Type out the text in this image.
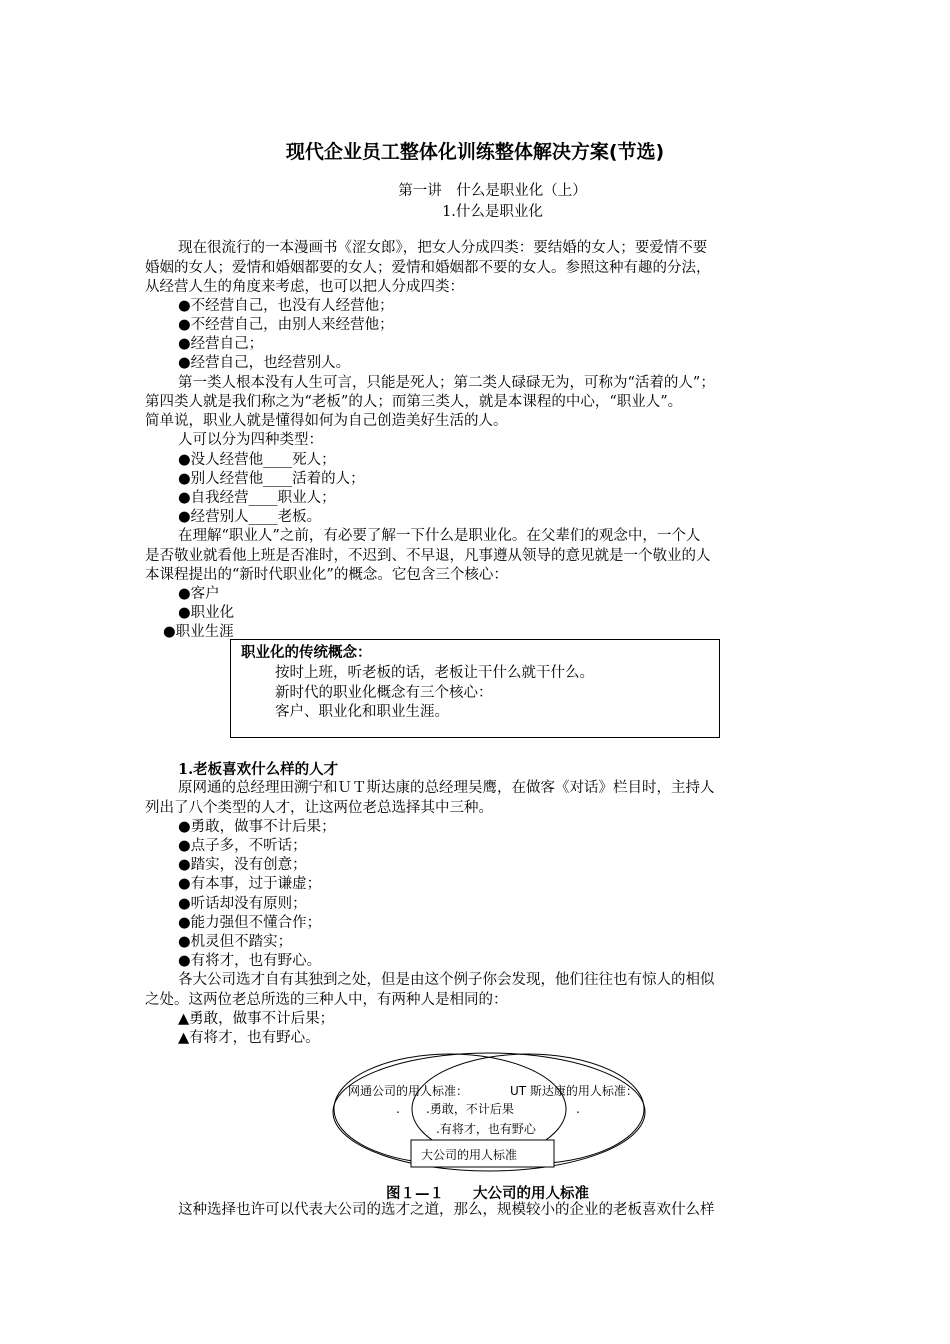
现代企业员工整体化训练整体解决方案(节选)
第一讲　什么是职业化（上）
1.什么是职业化
现在很流行的一本漫画书《涩女郎》，把女人分成四类：要结婚的女人；要爱情不要
婚姻的女人；爱情和婚姻都要的女人；爱情和婚姻都不要的女人。参照这种有趣的分法，
从经营人生的角度来考虑，也可以把人分成四类：
●不经营自己，也没有人经营他；
●不经营自己，由别人来经营他；
●经营自己；
●经营自己，也经营别人。
第一类人根本没有人生可言，只能是死人；第二类人碌碌无为，可称为“活着的人”；
第四类人就是我们称之为“老板”的人；而第三类人，就是本课程的中心，“职业人”。
简单说，职业人就是懂得如何为自己创造美好生活的人。
人可以分为四种类型：
●没人经营他____死人；
●别人经营他____活着的人；
●自我经营____职业人；
●经营别人____老板。
在理解“职业人”之前，有必要了解一下什么是职业化。在父辈们的观念中，一个人
是否敬业就看他上班是否准时，不迟到、不早退，凡事遵从领导的意见就是一个敬业的人
本课程提出的“新时代职业化”的概念。它包含三个核心：
●客户
●职业化
●职业生涯
职业化的传统概念：
按时上班，听老板的话，老板让干什么就干什么。
新时代的职业化概念有三个核心：
客户、职业化和职业生涯。
1.老板喜欢什么样的人才
原网通的总经理田溯宁和ＵＴ斯达康的总经理吴鹰，在做客《对话》栏目时，主持人
列出了八个类型的人才，让这两位老总选择其中三种。
●勇敢，做事不计后果；
●点子多，不听话；
●踏实，没有创意；
●有本事，过于谦虚；
●听话却没有原则；
●能力强但不懂合作；
●机灵但不踏实；
●有将才，也有野心。
各大公司选才自有其独到之处，但是由这个例子你会发现，他们往往也有惊人的相似
之处。这两位老总所选的三种人中，有两种人是相同的：
▲勇敢，做事不计后果；
▲有将才，也有野心。
网通公司的用人标准：	UT 斯达康的用人标准：
.	.
.勇敢，不计后果
.有将才，也有野心
大公司的用人标准
图１—１　　大公司的用人标准
这种选择也许可以代表大公司的选才之道，那么，规模较小的企业的老板喜欢什么样
